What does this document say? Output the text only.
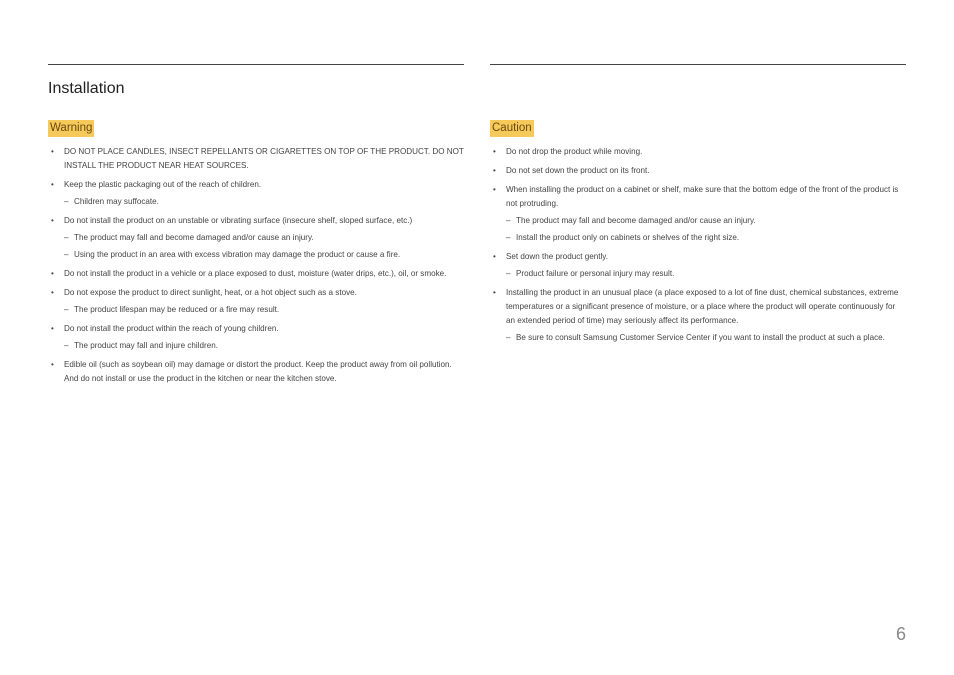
Installation
Warning
• DO NOT PLACE CANDLES, INSECT REPELLANTS OR CIGARETTES ON TOP OF THE PRODUCT. DO NOT INSTALL THE PRODUCT NEAR HEAT SOURCES.
• Keep the plastic packaging out of the reach of children.
– Children may suffocate.
• Do not install the product on an unstable or vibrating surface (insecure shelf, sloped surface, etc.)
– The product may fall and become damaged and/or cause an injury.
– Using the product in an area with excess vibration may damage the product or cause a fire.
• Do not install the product in a vehicle or a place exposed to dust, moisture (water drips, etc.), oil, or smoke.
• Do not expose the product to direct sunlight, heat, or a hot object such as a stove.
– The product lifespan may be reduced or a fire may result.
• Do not install the product within the reach of young children.
– The product may fall and injure children.
• Edible oil (such as soybean oil) may damage or distort the product. Keep the product away from oil pollution. And do not install or use the product in the kitchen or near the kitchen stove.
Caution
• Do not drop the product while moving.
• Do not set down the product on its front.
• When installing the product on a cabinet or shelf, make sure that the bottom edge of the front of the product is not protruding.
– The product may fall and become damaged and/or cause an injury.
– Install the product only on cabinets or shelves of the right size.
• Set down the product gently.
– Product failure or personal injury may result.
• Installing the product in an unusual place (a place exposed to a lot of fine dust, chemical substances, extreme temperatures or a significant presence of moisture, or a place where the product will operate continuously for an extended period of time) may seriously affect its performance.
– Be sure to consult Samsung Customer Service Center if you want to install the product at such a place.
6
